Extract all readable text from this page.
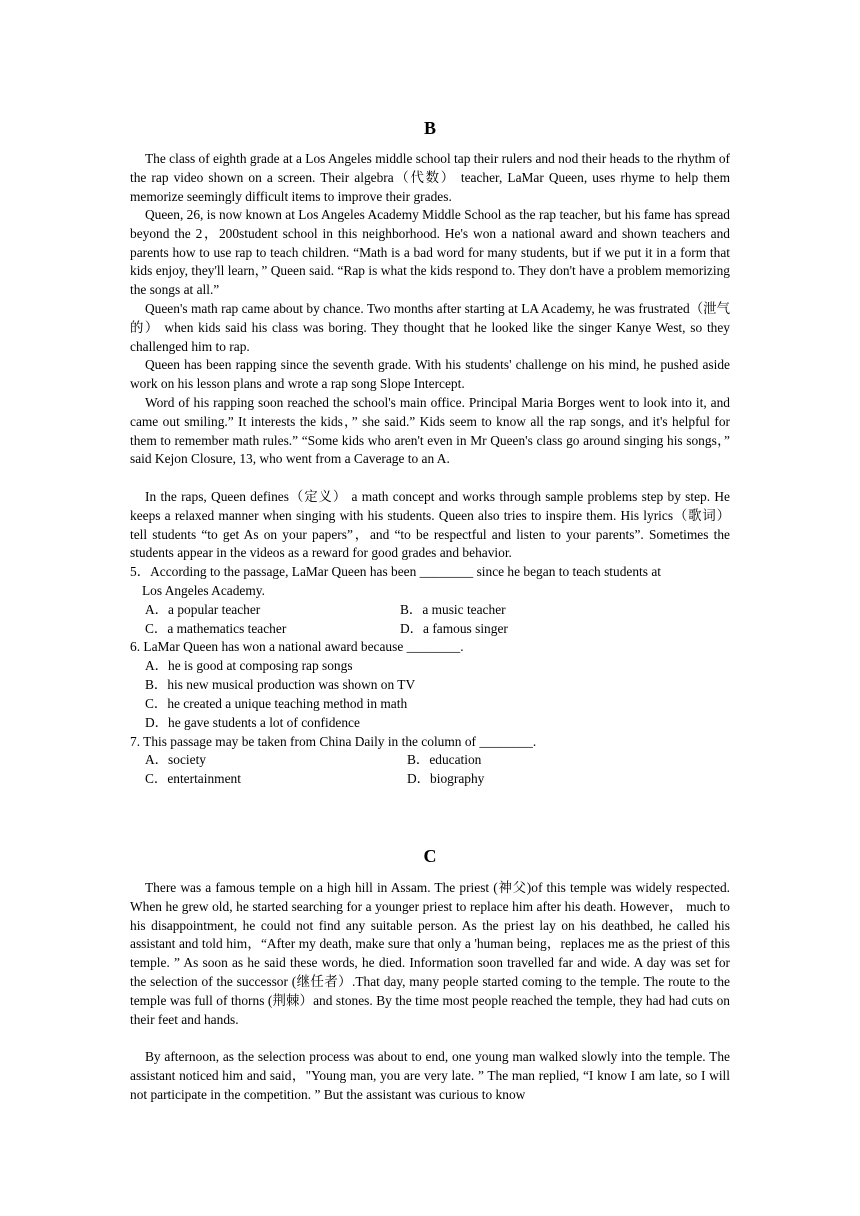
B

The class of eighth grade at a Los Angeles middle school tap their rulers and nod their heads to the rhythm of the rap video shown on a screen. Their algebra（代数） teacher, LaMar Queen, uses rhyme to help them memorize seemingly difficult items to improve their grades.

Queen, 26, is now known at Los Angeles Academy Middle School as the rap teacher, but his fame has spread beyond the 2，200student school in this neighborhood. He's won a national award and shown teachers and parents how to use rap to teach children. “Math is a bad word for many students, but if we put it in a form that kids enjoy, they'll learn，” Queen said. “Rap is what the kids respond to. They don't have a problem memorizing the songs at all.”

Queen's math rap came about by chance. Two months after starting at LA Academy, he was frustrated（泄气的） when kids said his class was boring. They thought that he looked like the singer Kanye West, so they challenged him to rap.

Queen has been rapping since the seventh grade. With his students' challenge on his mind, he pushed aside work on his lesson plans and wrote a rap song Slope Intercept.

Word of his rapping soon reached the school's main office. Principal Maria Borges went to look into it, and came out smiling.” It interests the kids，” she said.” Kids seem to know all the rap songs, and it's helpful for them to remember math rules.” “Some kids who aren't even in Mr Queen's class go around singing his songs，” said Kejon Closure, 13, who went from a Caverage to an A.

In the raps, Queen defines（定义） a math concept and works through sample problems step by step. He keeps a relaxed manner when singing with his students. Queen also tries to inspire them. His lyrics（歌词） tell students “to get As on your papers”，and “to be respectful and listen to your parents”. Sometimes the students appear in the videos as a reward for good grades and behavior.

5．According to the passage, LaMar Queen has been ________ since he began to teach students at
Los Angeles Academy.
A．a popular teacher	B．a music teacher
C．a mathematics teacher	D．a famous singer
6. LaMar Queen has won a national award because ________.
A．he is good at composing rap songs
B．his new musical production was shown on TV
C．he created a unique teaching method in math
D．he gave students a lot of confidence
7. This passage may be taken from China Daily in the column of ________.
A．society	B．education
C．entertainment	D．biography
C

There was a famous temple on a high hill in Assam. The priest (神父)of this temple was widely respected. When he grew old, he started searching for a younger priest to replace him after his death. However， much to his disappointment, he could not find any suitable person. As the priest lay on his deathbed, he called his assistant and told him，“After my death, make sure that only a 'human being，replaces me as the priest of this temple. ” As soon as he said these words, he died. Information soon travelled far and wide. A day was set for the selection of the successor (继任者）.That day, many people started coming to the temple. The route to the temple was full of thorns (荆棘）and stones. By the time most people reached the temple, they had had cuts on their feet and hands.

By afternoon, as the selection process was about to end, one young man walked slowly into the temple. The assistant noticed him and said，"Young man, you are very late. ” The man replied, “I know I am late, so I will not participate in the competition. ” But the assistant was curious to know
